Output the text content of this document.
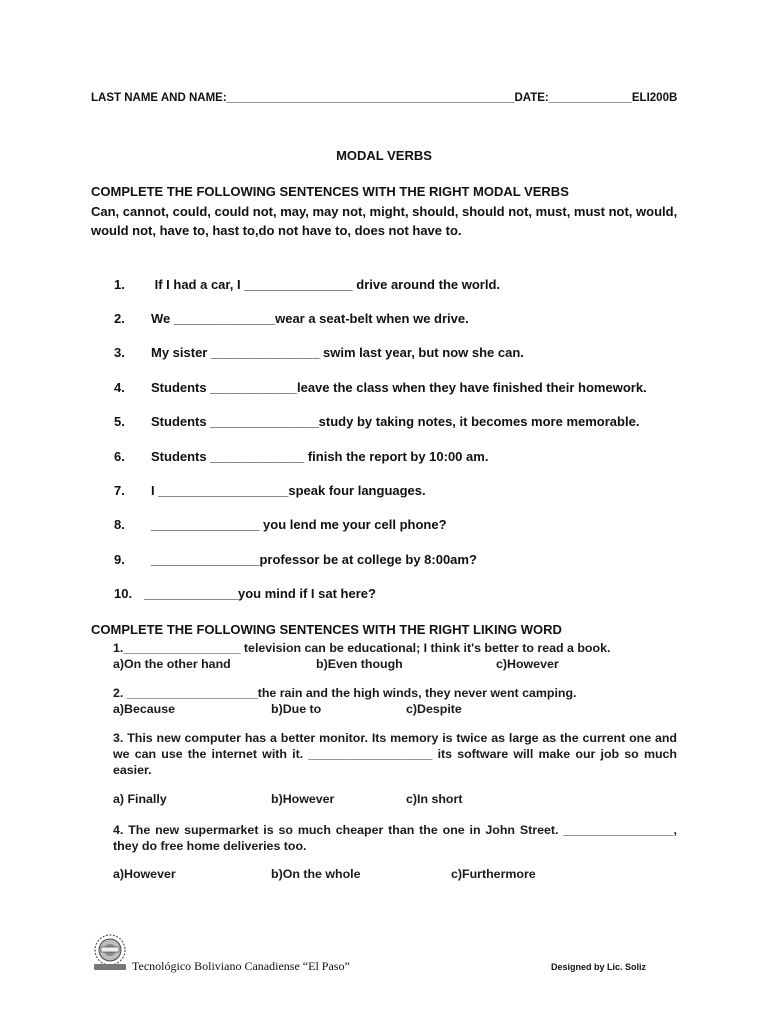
LAST NAME AND NAME:_____________________________________________DATE:_____________ELI200B
MODAL VERBS
COMPLETE THE FOLLOWING SENTENCES WITH THE RIGHT MODAL VERBS
Can, cannot, could, could not, may, may not, might, should, should not, must, must not, would,
would not, have to, hast to,do not have to, does not have to.
1. If I had a car, I _______________ drive around the world.
2. We ______________wear a seat-belt when we drive.
3. My sister _______________ swim last year, but now she can.
4. Students ____________leave the class when they have finished their homework.
5. Students _______________study by taking notes, it becomes more memorable.
6. Students _____________ finish the report by 10:00 am.
7. I __________________speak four languages.
8. _______________ you lend me your cell phone?
9. _______________professor be at college by 8:00am?
10. _____________you mind if I sat here?
COMPLETE THE FOLLOWING SENTENCES WITH THE RIGHT LIKING WORD
1._________________ television can be educational; I think it's better to read a book.
a)On the other hand	b)Even though	c)However
2. ___________________the rain and the high winds, they never went camping.
a)Because	b)Due to	c)Despite
3. This new computer has a better monitor. Its memory is twice as large as the current one and we can use the internet with it. __________________ its software will make our job so much easier.
a) Finally	b)However	c)In short
4. The new supermarket is so much cheaper than the one in John Street. ________________, they do free home deliveries too.
a)However	b)On the whole	c)Furthermore
Tecnológico Boliviano Canadiense “El Paso”	Designed by Lic. Soliz
